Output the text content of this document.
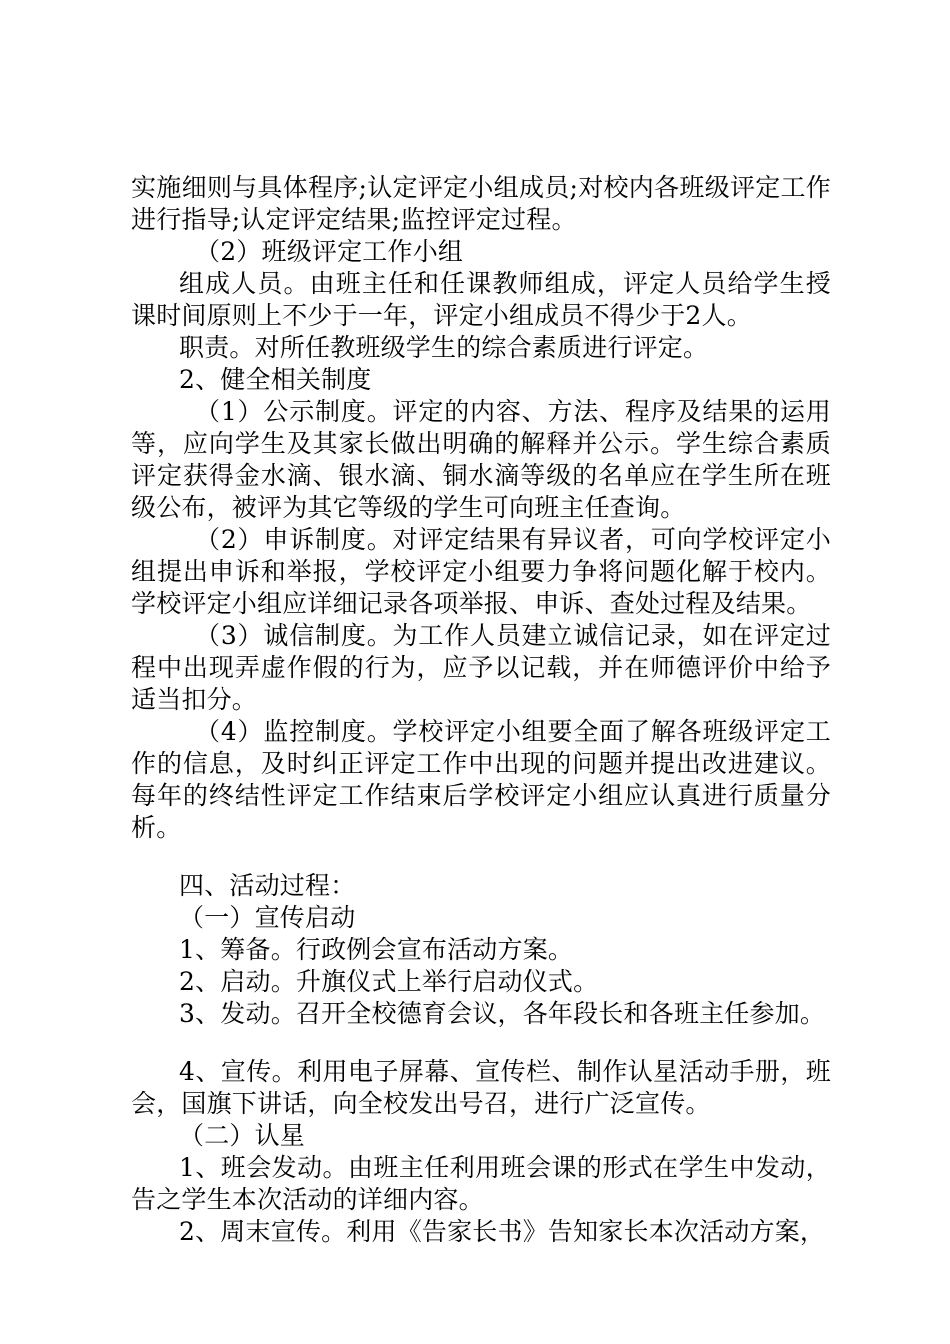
实施细则与具体程序;认定评定小组成员;对校内各班级评定工作进行指导;认定评定结果;监控评定过程。

（2）班级评定工作小组

组成人员。由班主任和任课教师组成，评定人员给学生授课时间原则上不少于一年，评定小组成员不得少于2人。

职责。对所任教班级学生的综合素质进行评定。

2、健全相关制度

（1）公示制度。评定的内容、方法、程序及结果的运用等，应向学生及其家长做出明确的解释并公示。学生综合素质评定获得金水滴、银水滴、铜水滴等级的名单应在学生所在班级公布，被评为其它等级的学生可向班主任查询。

（2）申诉制度。对评定结果有异议者，可向学校评定小组提出申诉和举报，学校评定小组要力争将问题化解于校内。学校评定小组应详细记录各项举报、申诉、查处过程及结果。

（3）诚信制度。为工作人员建立诚信记录，如在评定过程中出现弄虚作假的行为，应予以记载，并在师德评价中给予适当扣分。

（4）监控制度。学校评定小组要全面了解各班级评定工作的信息，及时纠正评定工作中出现的问题并提出改进建议。每年的终结性评定工作结束后学校评定小组应认真进行质量分析。

四、活动过程：

（一）宣传启动

1、筹备。行政例会宣布活动方案。

2、启动。升旗仪式上举行启动仪式。

3、发动。召开全校德育会议，各年段长和各班主任参加。

4、宣传。利用电子屏幕、宣传栏、制作认星活动手册，班会，国旗下讲话，向全校发出号召，进行广泛宣传。

（二）认星

1、班会发动。由班主任利用班会课的形式在学生中发动，告之学生本次活动的详细内容。

2、周末宣传。利用《告家长书》告知家长本次活动方案，
